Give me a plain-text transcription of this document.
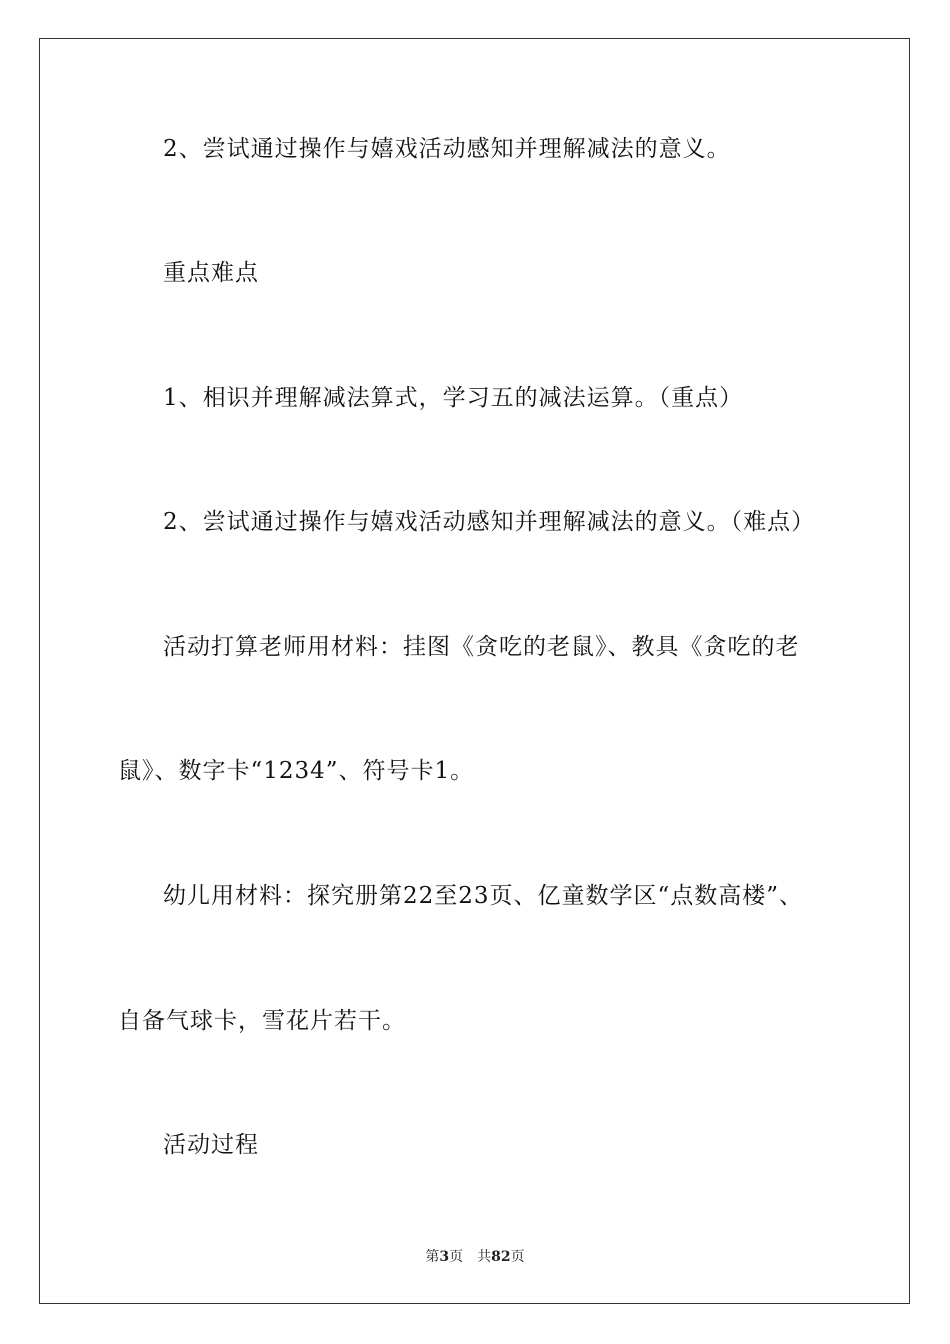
2、尝试通过操作与嬉戏活动感知并理解减法的意义。
重点难点
1、相识并理解减法算式，学习五的减法运算。（重点）
2、尝试通过操作与嬉戏活动感知并理解减法的意义。（难点）
活动打算老师用材料：挂图《贪吃的老鼠》、教具《贪吃的老
鼠》、数字卡“1234”、符号卡1。
幼儿用材料：探究册第22至23页、亿童数学区“点数高楼”、
自备气球卡，雪花片若干。
活动过程
第3页 共82页
